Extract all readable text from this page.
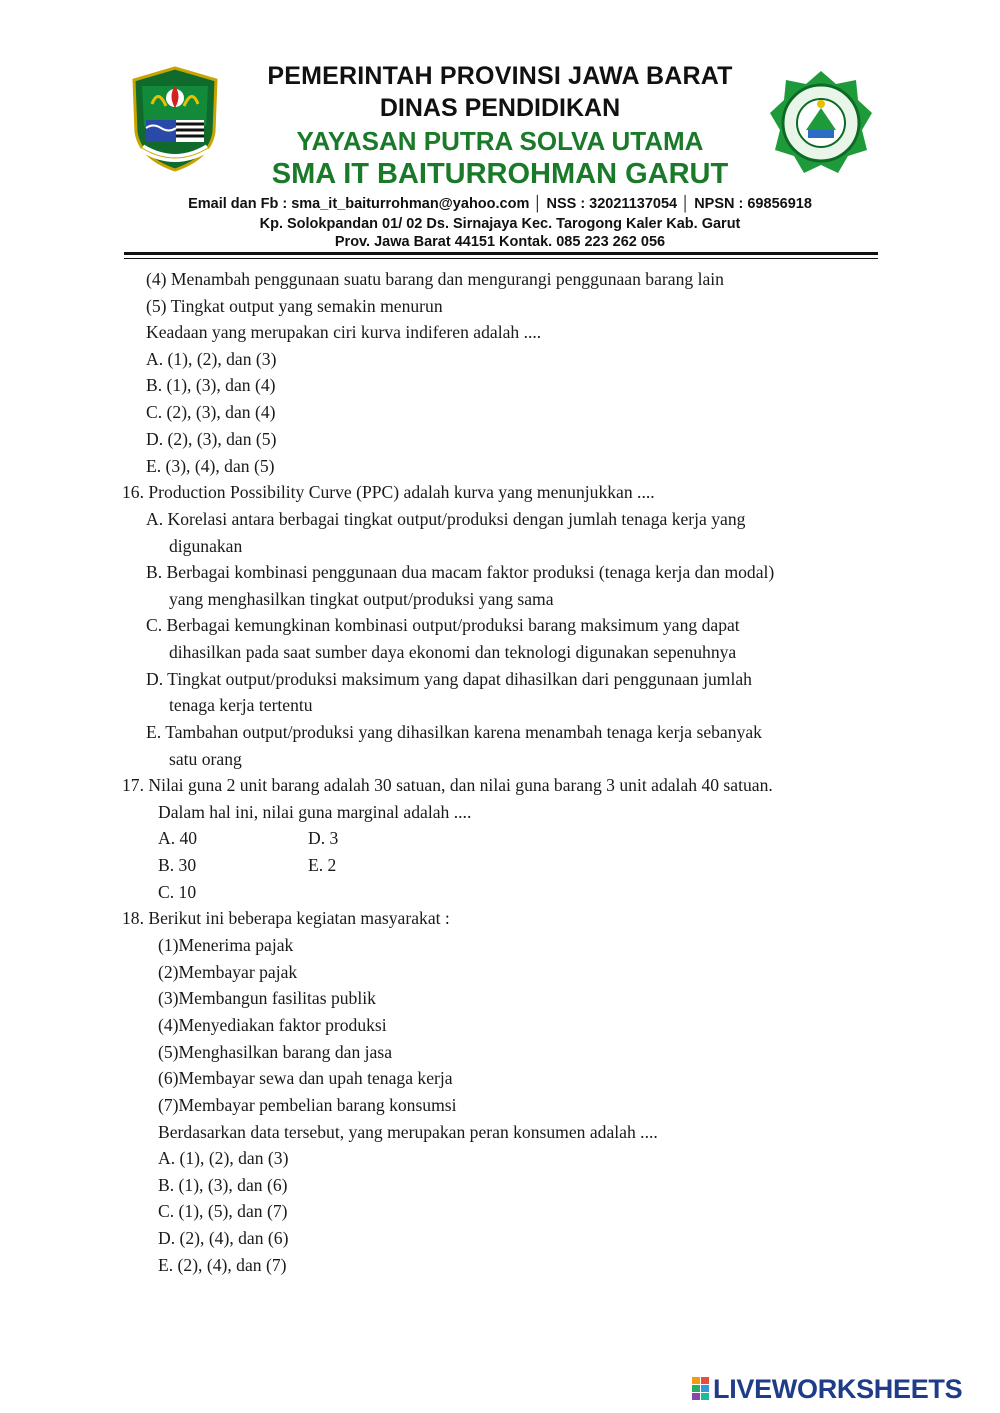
PEMERINTAH PROVINSI JAWA BARAT
DINAS PENDIDIKAN
YAYASAN PUTRA SOLVA UTAMA
SMA IT BAITURROHMAN GARUT
Email dan Fb : sma_it_baiturrohman@yahoo.com │ NSS : 32021137054 │ NPSN : 69856918
Kp. Solokpandan 01/ 02 Ds. Sirnajaya Kec. Tarogong Kaler Kab. Garut
Prov. Jawa Barat 44151 Kontak. 085 223 262 056
(4) Menambah penggunaan suatu barang dan mengurangi penggunaan barang lain
(5) Tingkat output yang semakin menurun
Keadaan yang merupakan ciri kurva indiferen adalah ....
A. (1), (2), dan (3)
B. (1), (3), dan (4)
C. (2), (3), dan (4)
D. (2), (3), dan (5)
E. (3), (4), dan (5)
16. Production Possibility Curve (PPC) adalah kurva yang menunjukkan ....
A. Korelasi antara berbagai tingkat output/produksi dengan jumlah tenaga kerja yang
digunakan
B. Berbagai kombinasi penggunaan dua macam faktor produksi (tenaga kerja dan modal)
yang menghasilkan tingkat output/produksi yang sama
C. Berbagai kemungkinan kombinasi output/produksi barang maksimum yang dapat
dihasilkan pada saat sumber daya ekonomi dan teknologi digunakan sepenuhnya
D. Tingkat output/produksi maksimum yang dapat dihasilkan dari penggunaan jumlah
tenaga kerja tertentu
E. Tambahan output/produksi yang dihasilkan karena menambah tenaga kerja sebanyak
satu orang
17. Nilai guna 2 unit barang adalah 30 satuan, dan nilai guna barang 3 unit adalah 40 satuan.
Dalam hal ini, nilai guna marginal adalah ....
A. 40
B. 30
C. 10
D. 3
E. 2
18. Berikut ini beberapa kegiatan masyarakat :
(1)Menerima pajak
(2)Membayar pajak
(3)Membangun fasilitas publik
(4)Menyediakan faktor produksi
(5)Menghasilkan barang dan jasa
(6)Membayar sewa dan upah tenaga kerja
(7)Membayar pembelian barang konsumsi
Berdasarkan data tersebut, yang merupakan peran konsumen adalah ....
A. (1), (2), dan (3)
B. (1), (3), dan (6)
C. (1), (5), dan (7)
D. (2), (4), dan (6)
E. (2), (4), dan (7)
LIVEWORKSHEETS
